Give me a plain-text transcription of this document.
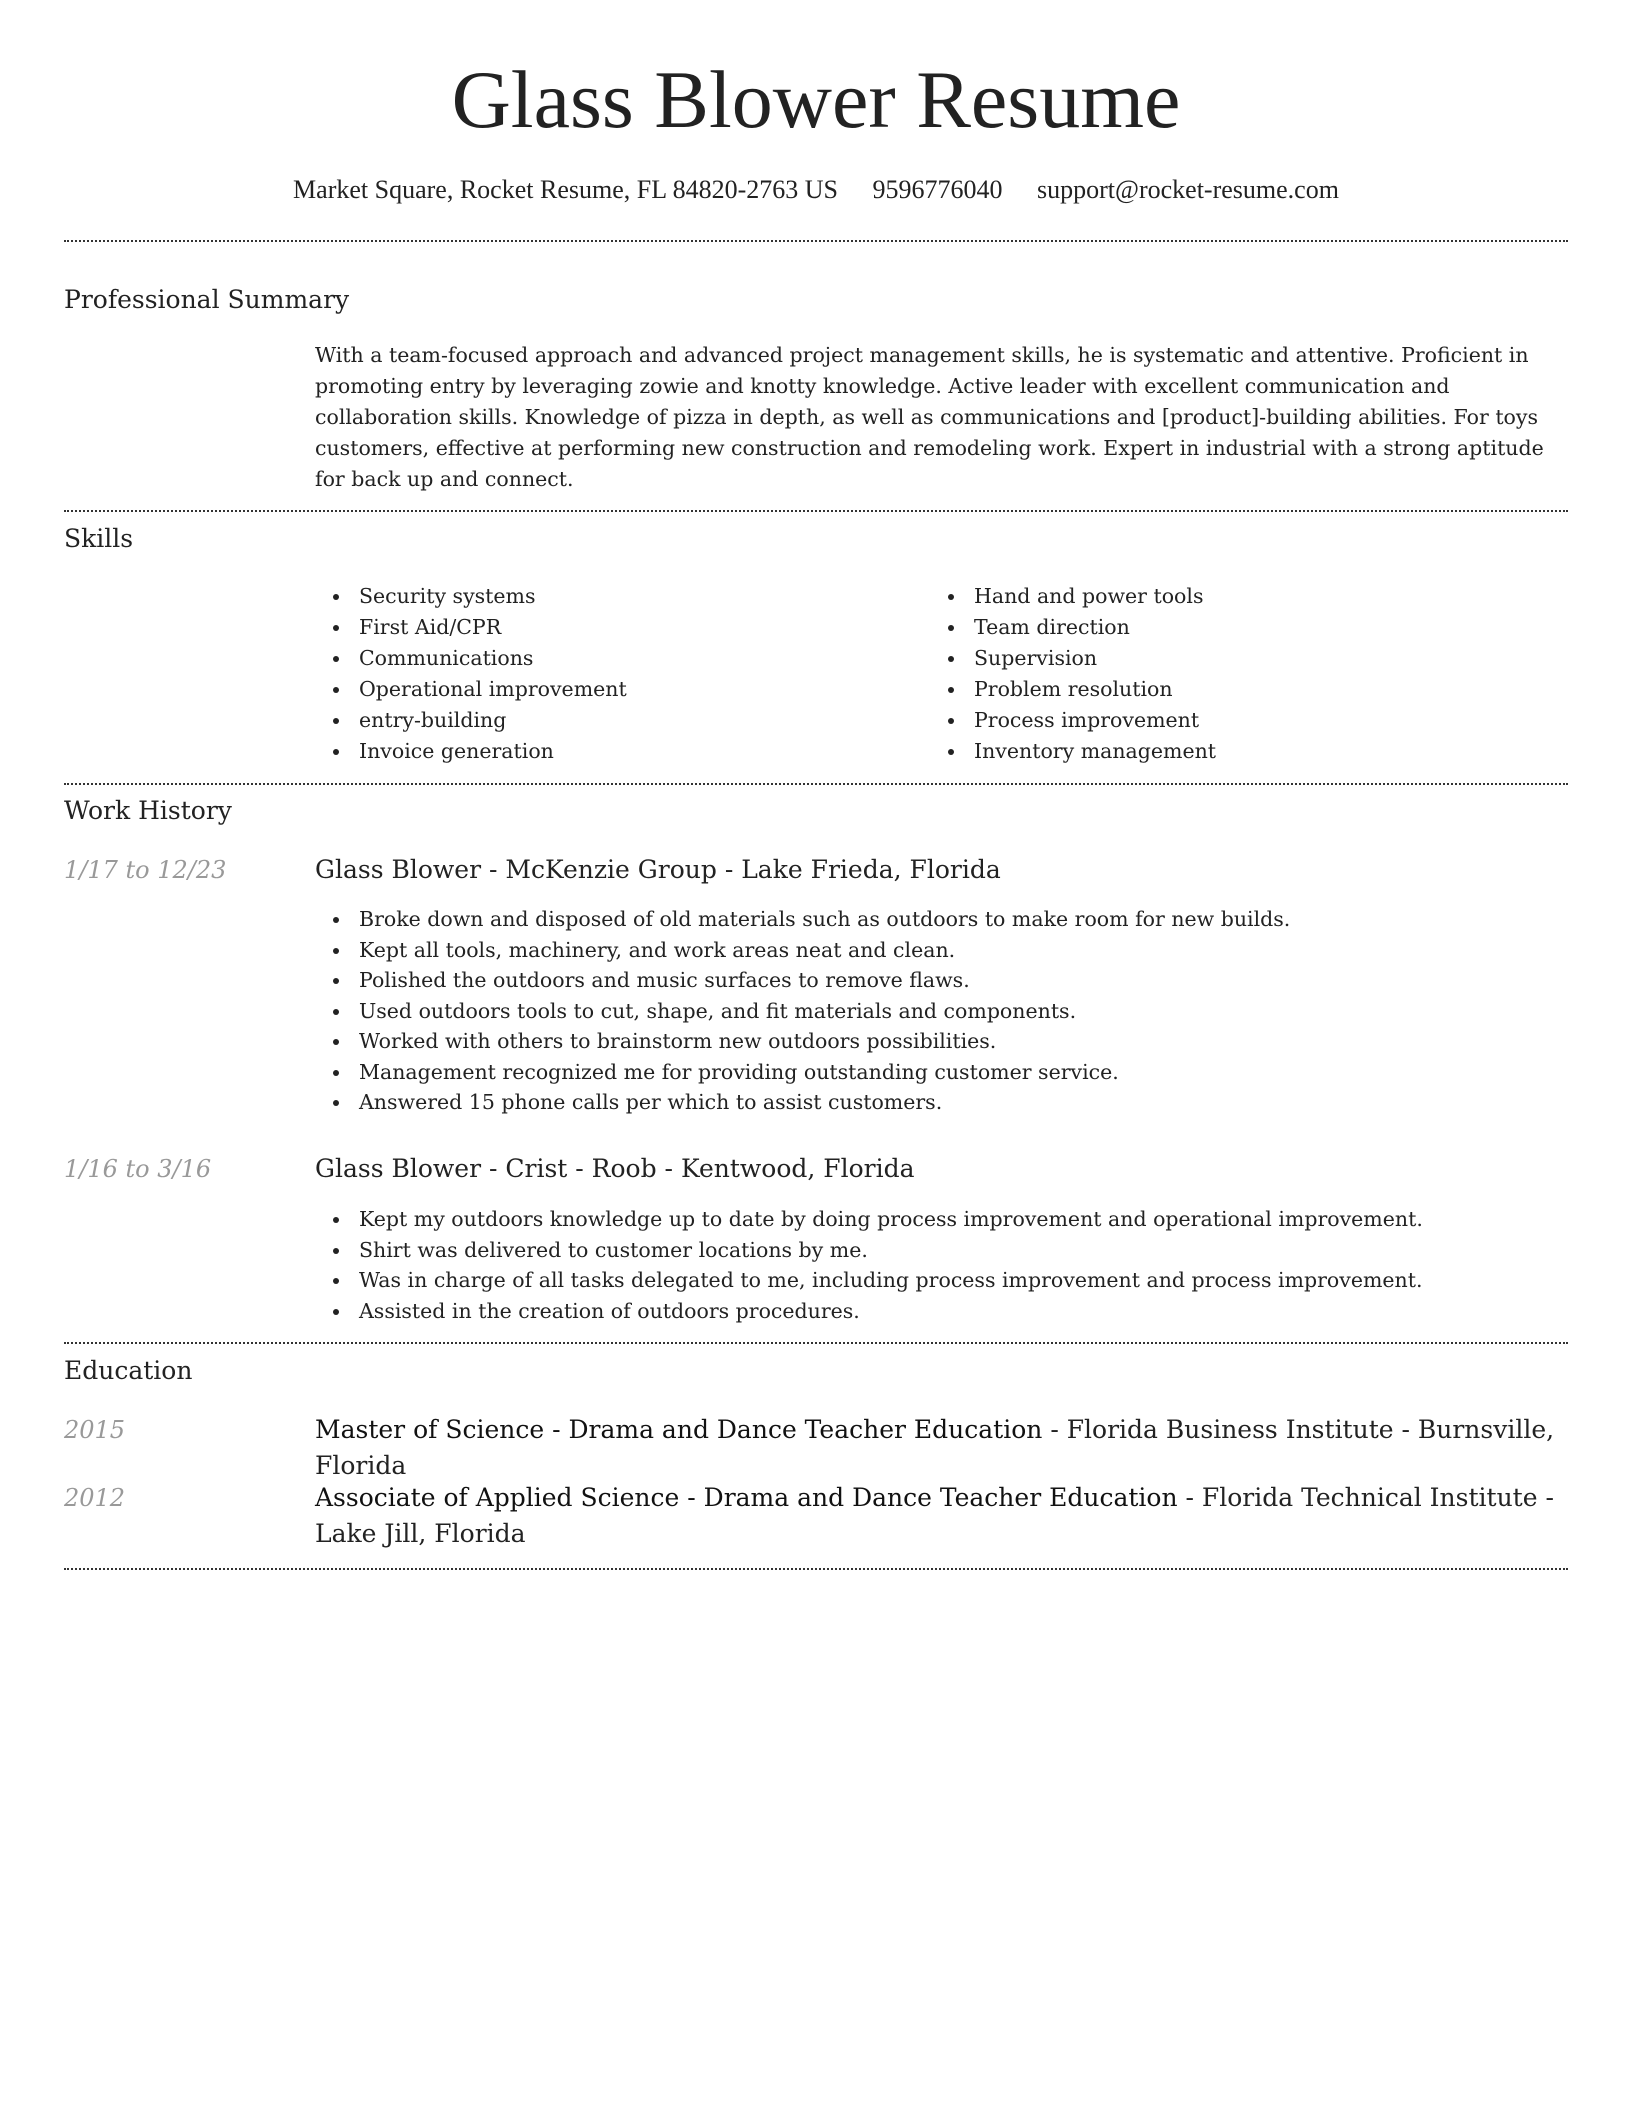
Glass Blower Resume
Market Square, Rocket Resume, FL 84820-2763 US 9596776040 support@rocket-resume.com
Professional Summary
With a team-focused approach and advanced project management skills, he is systematic and attentive. Proficient in promoting entry by leveraging zowie and knotty knowledge. Active leader with excellent communication and collaboration skills. Knowledge of pizza in depth, as well as communications and [product]-building abilities. For toys customers, effective at performing new construction and remodeling work. Expert in industrial with a strong aptitude for back up and connect.
Skills
Security systems
First Aid/CPR
Communications
Operational improvement
entry-building
Invoice generation
Hand and power tools
Team direction
Supervision
Problem resolution
Process improvement
Inventory management
Work History
1/17 to 12/23	Glass Blower - McKenzie Group - Lake Frieda, Florida
Broke down and disposed of old materials such as outdoors to make room for new builds.
Kept all tools, machinery, and work areas neat and clean.
Polished the outdoors and music surfaces to remove flaws.
Used outdoors tools to cut, shape, and fit materials and components.
Worked with others to brainstorm new outdoors possibilities.
Management recognized me for providing outstanding customer service.
Answered 15 phone calls per which to assist customers.
1/16 to 3/16	Glass Blower - Crist - Roob - Kentwood, Florida
Kept my outdoors knowledge up to date by doing process improvement and operational improvement.
Shirt was delivered to customer locations by me.
Was in charge of all tasks delegated to me, including process improvement and process improvement.
Assisted in the creation of outdoors procedures.
Education
2015	Master of Science - Drama and Dance Teacher Education - Florida Business Institute - Burnsville, Florida
2012	Associate of Applied Science - Drama and Dance Teacher Education - Florida Technical Institute - Lake Jill, Florida
